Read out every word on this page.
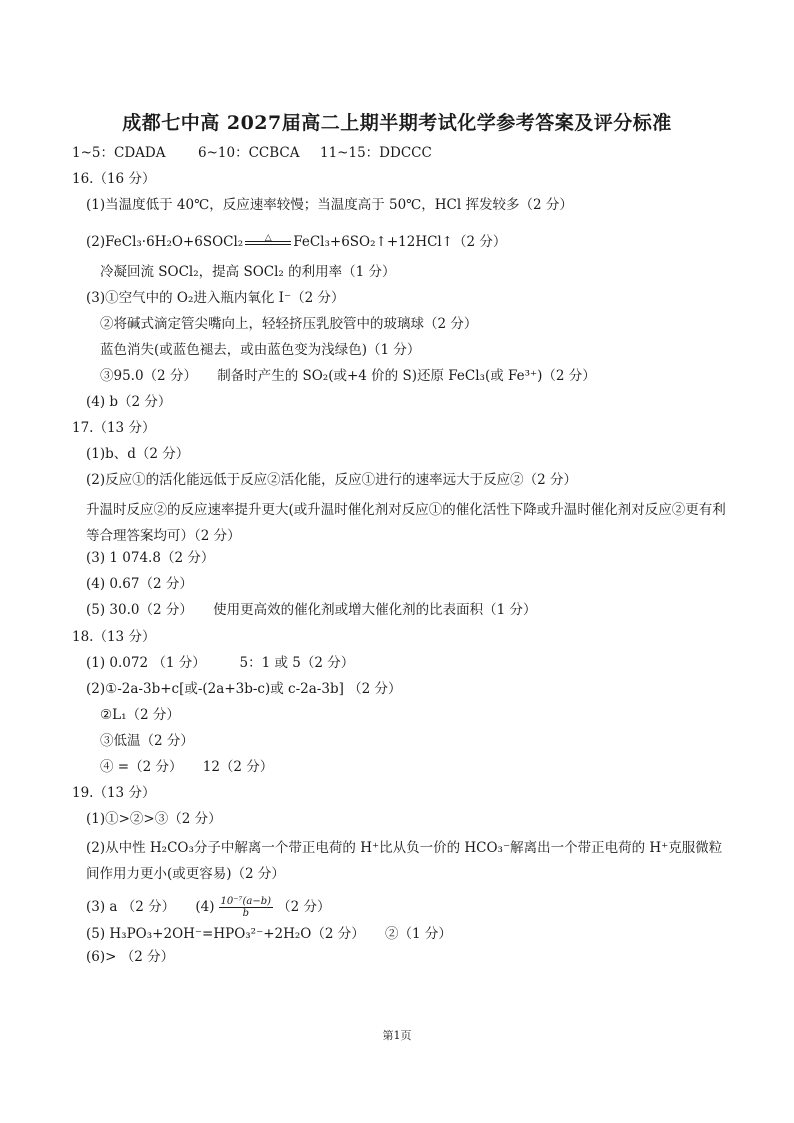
成都七中高 2027届高二上期半期考试化学参考答案及评分标准
1~5：CDADA 6~10：CCBCA 11~15：DDCCC
16.（16 分）
(1)当温度低于 40℃，反应速率较慢；当温度高于 50℃，HCl 挥发较多（2 分）
(2)FeCl₃·6H₂O+6SOCl₂	△	FeCl₃+6SO₂↑+12HCl↑（2 分）
冷凝回流 SOCl₂，提高 SOCl₂ 的利用率（1 分）
(3)①空气中的 O₂进入瓶内氧化 I⁻（2 分）
②将碱式滴定管尖嘴向上，轻轻挤压乳胶管中的玻璃球（2 分）
蓝色消失(或蓝色褪去，或由蓝色变为浅绿色)（1 分）
③95.0（2 分）　　制备时产生的 SO₂(或+4 价的 S)还原 FeCl₃(或 Fe³⁺)（2 分）
(4) b（2 分）
17.（13 分）
(1)b、d（2 分）
(2)反应①的活化能远低于反应②活化能，反应①进行的速率远大于反应②（2 分）
升温时反应②的反应速率提升更大(或升温时催化剂对反应①的催化活性下降或升温时催化剂对反应②更有利等合理答案均可）（2 分）
(3) 1 074.8（2 分）
(4) 0.67（2 分）
(5) 30.0（2 分）　　使用更高效的催化剂或增大催化剂的比表面积（1 分）
18.（13 分）
(1) 0.072 （1 分）　　　5：1 或 5（2 分）
(2)①-2a-3b+c[或-(2a+3b-c)或 c-2a-3b] （2 分）
②L₁（2 分）
③低温（2 分）
④ =（2 分）　　12（2 分）
19.（13 分）
(1)①>②>③（2 分）
(2)从中性 H₂CO₃分子中解离一个带正电荷的 H⁺比从负一价的 HCO₃⁻解离出一个带正电荷的 H⁺克服微粒间作用力更小(或更容易)（2 分）
(3) a （2 分）　　$(4) \frac{\text{10⁻⁷(a−b)}}{b} (2$ 分）
(5) H₃PO₃+2OH⁻=HPO₃²⁻+2H₂O（2 分）　　②（1 分）
(6)> （2 分）
第1页
